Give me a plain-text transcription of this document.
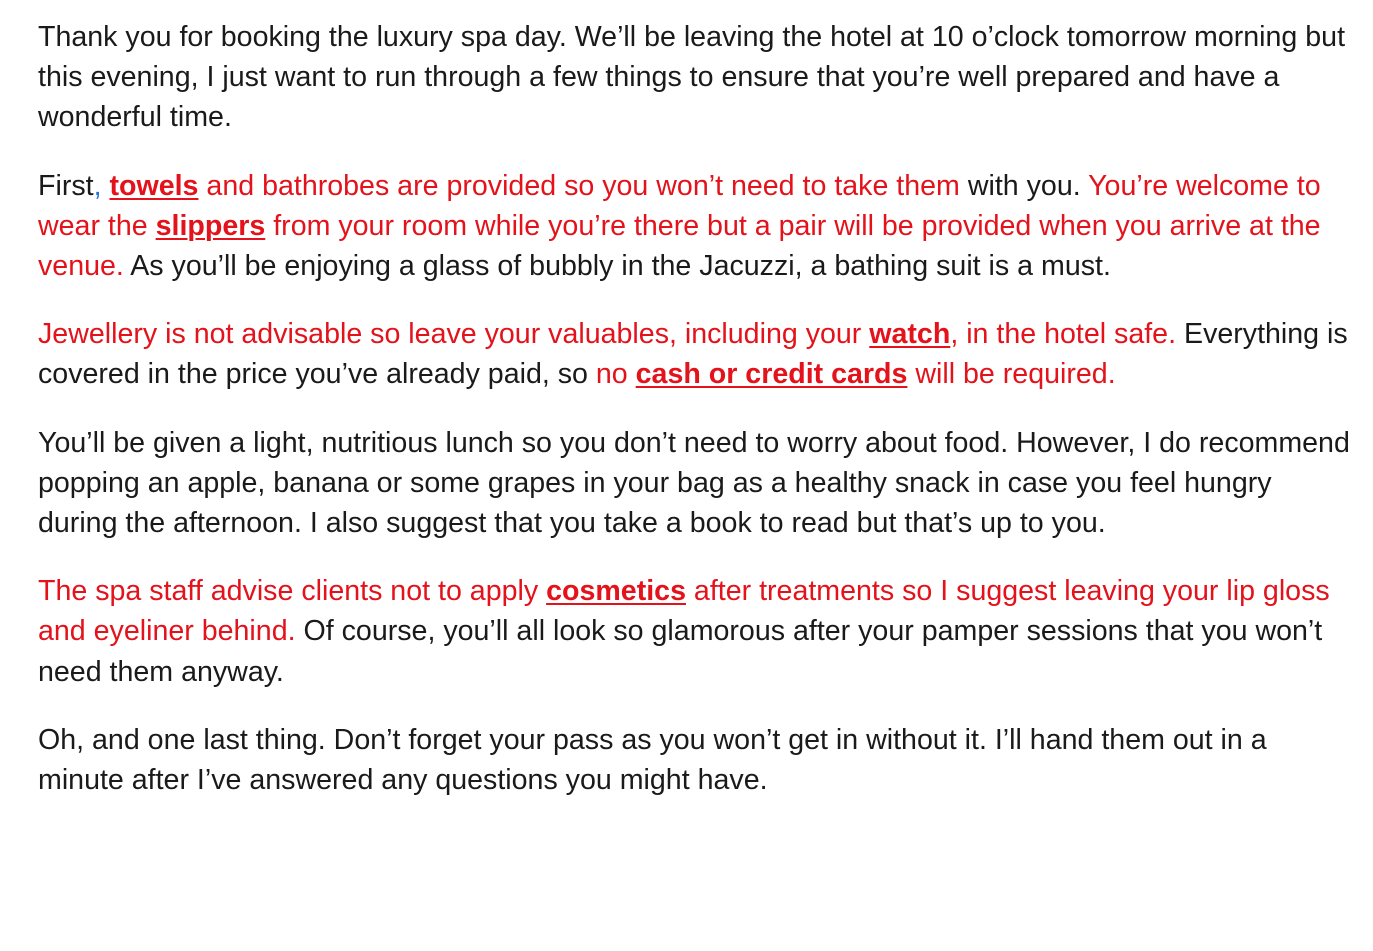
Thank you for booking the luxury spa day. We’ll be leaving the hotel at 10 o’clock tomorrow morning but this evening, I just want to run through a few things to ensure that you’re well prepared and have a wonderful time.

First, towels and bathrobes are provided so you won’t need to take them with you. You’re welcome to wear the slippers from your room while you’re there but a pair will be provided when you arrive at the venue. As you’ll be enjoying a glass of bubbly in the Jacuzzi, a bathing suit is a must.

Jewellery is not advisable so leave your valuables, including your watch, in the hotel safe. Everything is covered in the price you’ve already paid, so no cash or credit cards will be required.

You’ll be given a light, nutritious lunch so you don’t need to worry about food. However, I do recommend popping an apple, banana or some grapes in your bag as a healthy snack in case you feel hungry during the afternoon. I also suggest that you take a book to read but that’s up to you.

The spa staff advise clients not to apply cosmetics after treatments so I suggest leaving your lip gloss and eyeliner behind. Of course, you’ll all look so glamorous after your pamper sessions that you won’t need them anyway.

Oh, and one last thing. Don’t forget your pass as you won’t get in without it. I’ll hand them out in a minute after I’ve answered any questions you might have.
